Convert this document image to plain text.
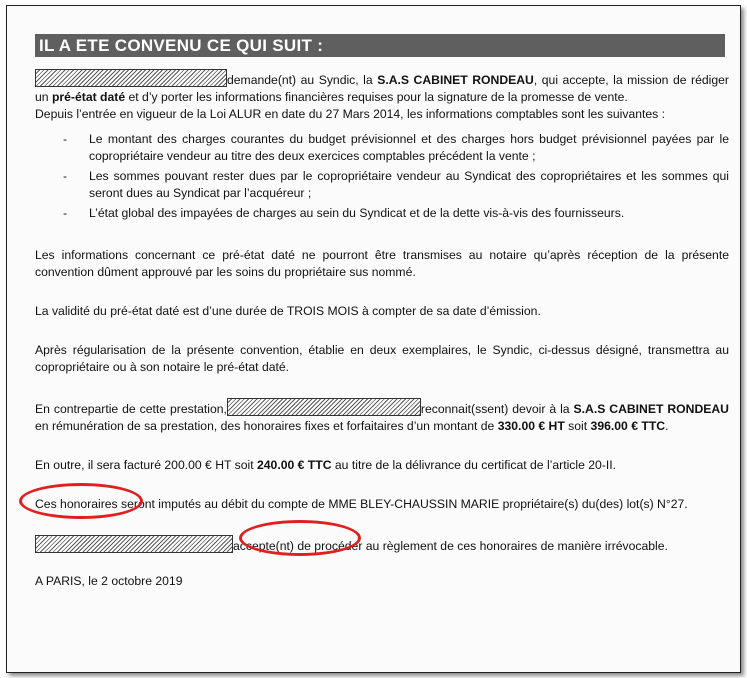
IL A ETE CONVENU CE QUI SUIT :

demande(nt) au Syndic, la S.A.S CABINET RONDEAU, qui accepte, la mission de rédiger un pré-état daté et d’y porter les informations financières requises pour la signature de la promesse de vente.

Depuis l’entrée en vigueur de la Loi ALUR en date du 27 Mars 2014, les informations comptables sont les suivantes :

- Le montant des charges courantes du budget prévisionnel et des charges hors budget prévisionnel payées par le copropriétaire vendeur au titre des deux exercices comptables précédent la vente ;
- Les sommes pouvant rester dues par le copropriétaire vendeur au Syndicat des copropriétaires et les sommes qui seront dues au Syndicat par l’acquéreur ;
- L’état global des impayées de charges au sein du Syndicat et de la dette vis-à-vis des fournisseurs.

Les informations concernant ce pré-état daté ne pourront être transmises au notaire qu’après réception de la présente convention dûment approuvé par les soins du propriétaire sus nommé.

La validité du pré-état daté est d’une durée de TROIS MOIS à compter de sa date d’émission.

Après régularisation de la présente convention, établie en deux exemplaires, le Syndic, ci-dessus désigné, transmettra au copropriétaire ou à son notaire le pré-état daté.

En contrepartie de cette prestation,	reconnait(ssent) devoir à la S.A.S CABINET RONDEAU en rémunération de sa prestation, des honoraires fixes et forfaitaires d’un montant de 330.00 € HT soit 396.00 € TTC.

En outre, il sera facturé 200.00 € HT soit 240.00 € TTC au titre de la délivrance du certificat de l’article 20-II.

Ces honoraires seront imputés au débit du compte de MME BLEY-CHAUSSIN MARIE propriétaire(s) du(des) lot(s) N°27.

accepte(nt) de procéder au règlement de ces honoraires de manière irrévocable.

A PARIS, le 2 octobre 2019
